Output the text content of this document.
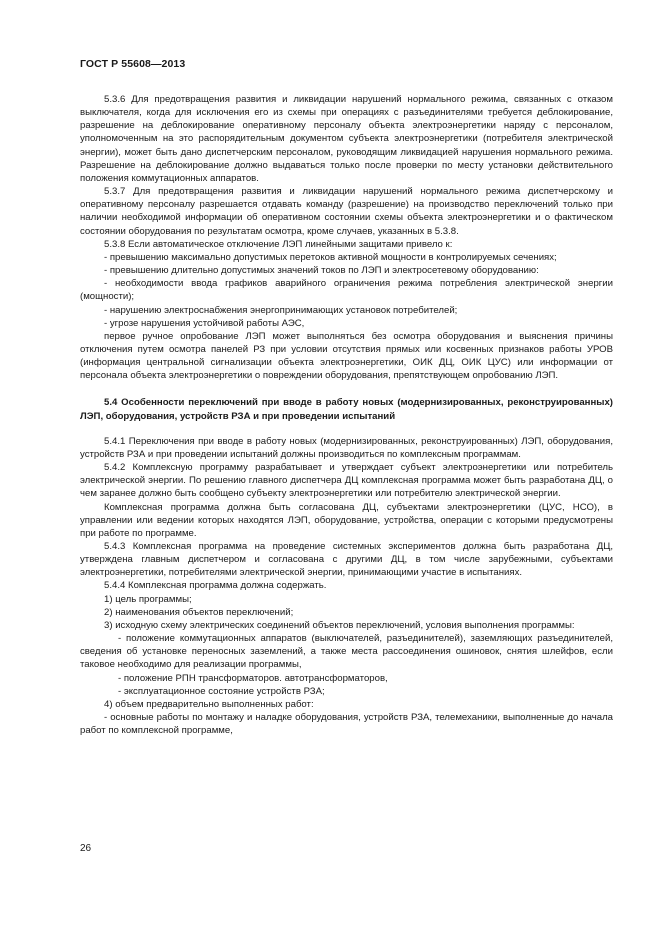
ГОСТ Р 55608—2013

5.3.6 Для предотвращения развития и ликвидации нарушений нормального режима, связанных с отказом выключателя, когда для исключения его из схемы при операциях с разъединителями требуется деблокирование, разрешение на деблокирование оперативному персоналу объекта электроэнергетики наряду с персоналом, уполномоченным на это распорядительным документом субъекта электроэнергетики (потребителя электрической энергии), может быть дано диспетчерским персоналом, руководящим ликвидацией нарушения нормального режима. Разрешение на деблокирование должно выдаваться только после проверки по месту установки действительного положения коммутационных аппаратов.

5.3.7 Для предотвращения развития и ликвидации нарушений нормального режима диспетчерскому и оперативному персоналу разрешается отдавать команду (разрешение) на производство переключений только при наличии необходимой информации об оперативном состоянии схемы объекта электроэнергетики и о фактическом состоянии оборудования по результатам осмотра, кроме случаев, указанных в 5.3.8.

5.3.8 Если автоматическое отключение ЛЭП линейными защитами привело к:

- превышению максимально допустимых перетоков активной мощности в контролируемых сечениях;

- превышению длительно допустимых значений токов по ЛЭП и электросетевому оборудованию:

- необходимости ввода графиков аварийного ограничения режима потребления электрической энергии (мощности);

- нарушению электроснабжения энергопринимающих установок потребителей;

- угрозе нарушения устойчивой работы АЭС,

первое ручное опробование ЛЭП может выполняться без осмотра оборудования и выяснения причины отключения путем осмотра панелей РЗ при условии отсутствия прямых или косвенных признаков работы УРОВ (информация центральной сигнализации объекта электроэнергетики, ОИК ДЦ, ОИК ЦУС) или информации от персонала объекта электроэнергетики о повреждении оборудования, препятствующем опробованию ЛЭП.

5.4 Особенности переключений при вводе в работу новых (модернизированных, реконструированных) ЛЭП, оборудования, устройств РЗА и при проведении испытаний

5.4.1 Переключения при вводе в работу новых (модернизированных, реконструированных) ЛЭП, оборудования, устройств РЗА и при проведении испытаний должны производиться по комплексным программам.

5.4.2 Комплексную программу разрабатывает и утверждает субъект электроэнергетики или потребитель электрической энергии. По решению главного диспетчера ДЦ комплексная программа может быть разработана ДЦ, о чем заранее должно быть сообщено субъекту электроэнергетики или потребителю электрической энергии.

Комплексная программа должна быть согласована ДЦ, субъектами электроэнергетики (ЦУС, НСО), в управлении или ведении которых находятся ЛЭП, оборудование, устройства, операции с которыми предусмотрены при работе по программе.

5.4.3 Комплексная программа на проведение системных экспериментов должна быть разработана ДЦ, утверждена главным диспетчером и согласована с другими ДЦ, в том числе зарубежными, субъектами электроэнергетики, потребителями электрической энергии, принимающими участие в испытаниях.

5.4.4 Комплексная программа должна содержать.

1) цель программы;

2) наименования объектов переключений;

3) исходную схему электрических соединений объектов переключений, условия выполнения программы:

- положение коммутационных аппаратов (выключателей, разъединителей), заземляющих разъединителей, сведения об установке переносных заземлений, а также места рассоединения ошиновок, снятия шлейфов, если таковое необходимо для реализации программы,

- положение РПН трансформаторов. автотрансформаторов,

- эксплуатационное состояние устройств РЗА;

4) объем предварительно выполненных работ:

- основные работы по монтажу и наладке оборудования, устройств РЗА, телемеханики, выполненные до начала работ по комплексной программе,

26
